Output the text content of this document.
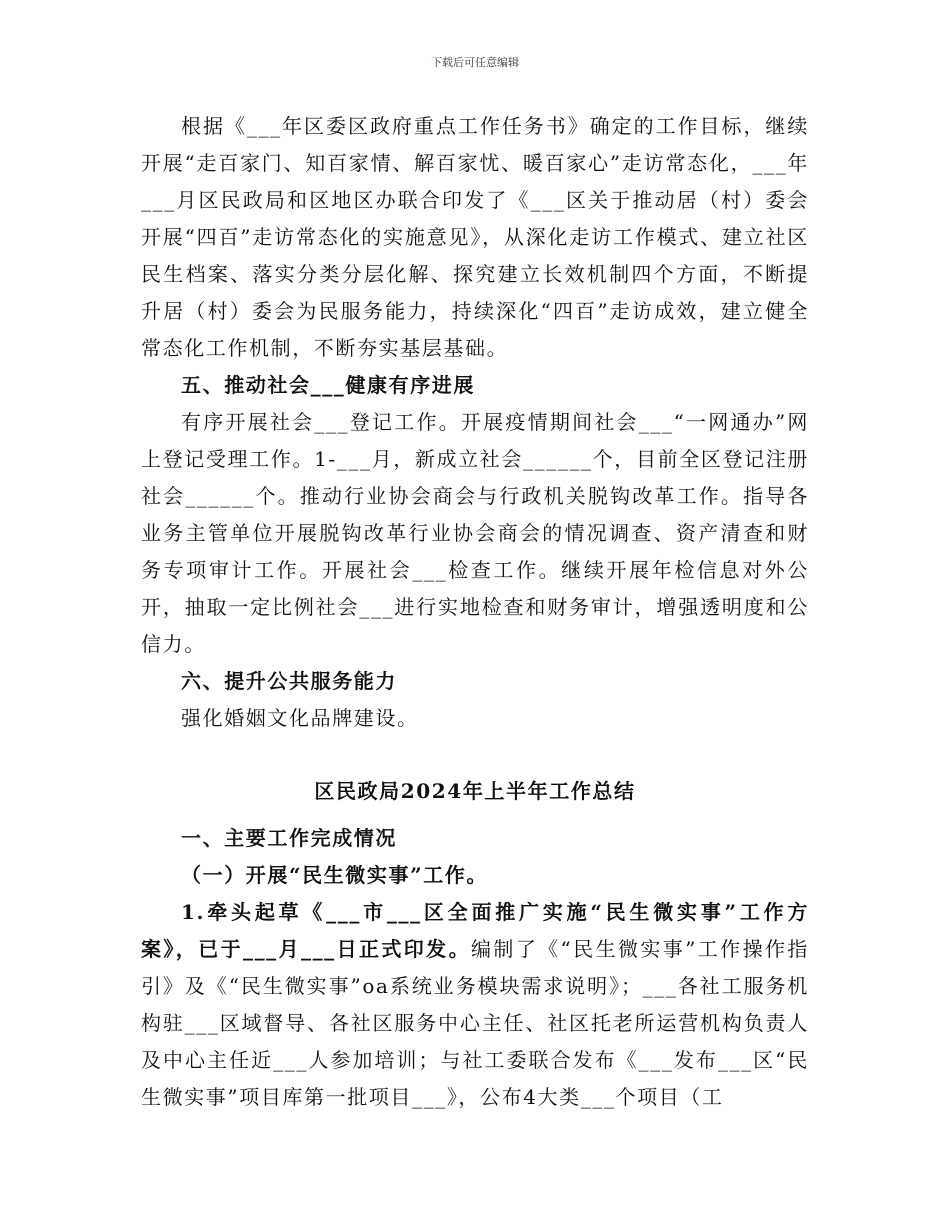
下载后可任意编辑

根据《___年区委区政府重点工作任务书》确定的工作目标，继续开展“走百家门、知百家情、解百家忧、暖百家心”走访常态化，___年___月区民政局和区地区办联合印发了《___区关于推动居（村）委会开展“四百”走访常态化的实施意见》，从深化走访工作模式、建立社区民生档案、落实分类分层化解、探究建立长效机制四个方面，不断提升居（村）委会为民服务能力，持续深化“四百”走访成效，建立健全常态化工作机制，不断夯实基层基础。

五、推动社会___健康有序进展

有序开展社会___登记工作。开展疫情期间社会___“一网通办”网上登记受理工作。1-___月，新成立社会______个，目前全区登记注册社会______个。推动行业协会商会与行政机关脱钩改革工作。指导各业务主管单位开展脱钩改革行业协会商会的情况调查、资产清查和财务专项审计工作。开展社会___检查工作。继续开展年检信息对外公开，抽取一定比例社会___进行实地检查和财务审计，增强透明度和公信力。

六、提升公共服务能力

强化婚姻文化品牌建设。

区民政局2024年上半年工作总结

一、主要工作完成情况

（一）开展“民生微实事”工作。

1.牵头起草《___市___区全面推广实施“民生微实事”工作方案》，已于___月___日正式印发。编制了《“民生微实事”工作操作指引》及《“民生微实事”oa系统业务模块需求说明》；___各社工服务机构驻___区域督导、各社区服务中心主任、社区托老所运营机构负责人及中心主任近___人参加培训；与社工委联合发布《___发布___区“民生微实事”项目库第一批项目___》，公布4大类___个项目（工
